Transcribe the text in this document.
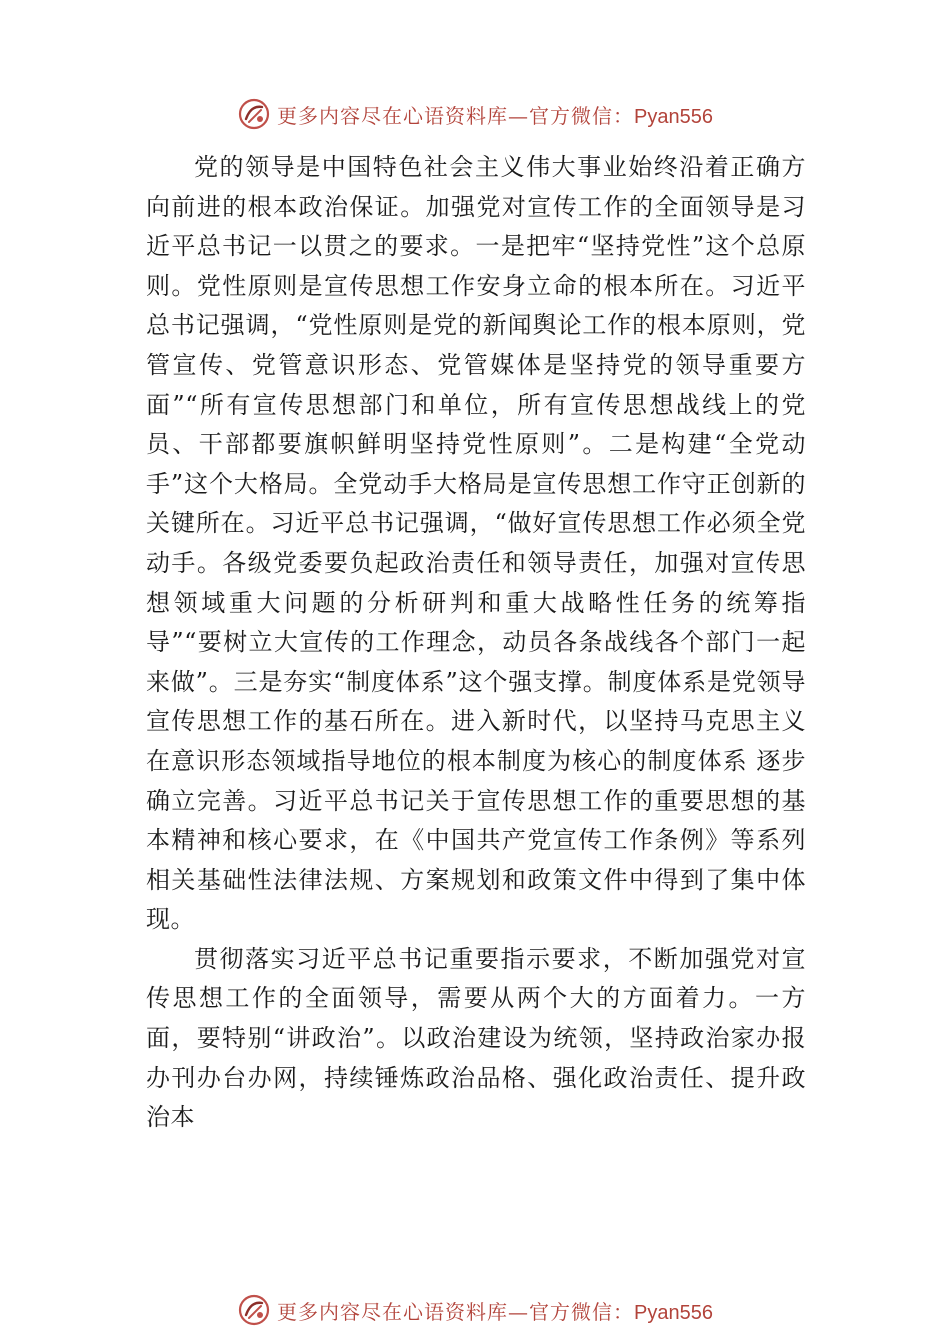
更多内容尽在心语资料库—官方微信：Pyan556

党的领导是中国特色社会主义伟大事业始终沿着正确方向前进的根本政治保证。加强党对宣传工作的全面领导是习近平总书记一以贯之的要求。一是把牢“坚持党性”这个总原则。党性原则是宣传思想工作安身立命的根本所在。习近平总书记强调，“党性原则是党的新闻舆论工作的根本原则，党管宣传、党管意识形态、党管媒体是坚持党的领导重要方面”“所有宣传思想部门和单位，所有宣传思想战线上的党员、干部都要旗帜鲜明坚持党性原则”。二是构建“全党动手”这个大格局。全党动手大格局是宣传思想工作守正创新的关键所在。习近平总书记强调，“做好宣传思想工作必须全党动手。各级党委要负起政治责任和领导责任，加强对宣传思想领域重大问题的分析研判和重大战略性任务的统筹指导”“要树立大宣传的工作理念，动员各条战线各个部门一起来做”。三是夯实“制度体系”这个强支撑。制度体系是党领导宣传思想工作的基石所在。进入新时代，以坚持马克思主义在意识形态领域指导地位的根本制度为核心的制度体系 逐步确立完善。习近平总书记关于宣传思想工作的重要思想的基本精神和核心要求，在《中国共产党宣传工作条例》等系列相关基础性法律法规、方案规划和政策文件中得到了集中体现。

贯彻落实习近平总书记重要指示要求，不断加强党对宣传思想工作的全面领导，需要从两个大的方面着力。一方面，要特别“讲政治”。以政治建设为统领，坚持政治家办报办刊办台办网，持续锤炼政治品格、强化政治责任、提升政治本

更多内容尽在心语资料库—官方微信：Pyan556
